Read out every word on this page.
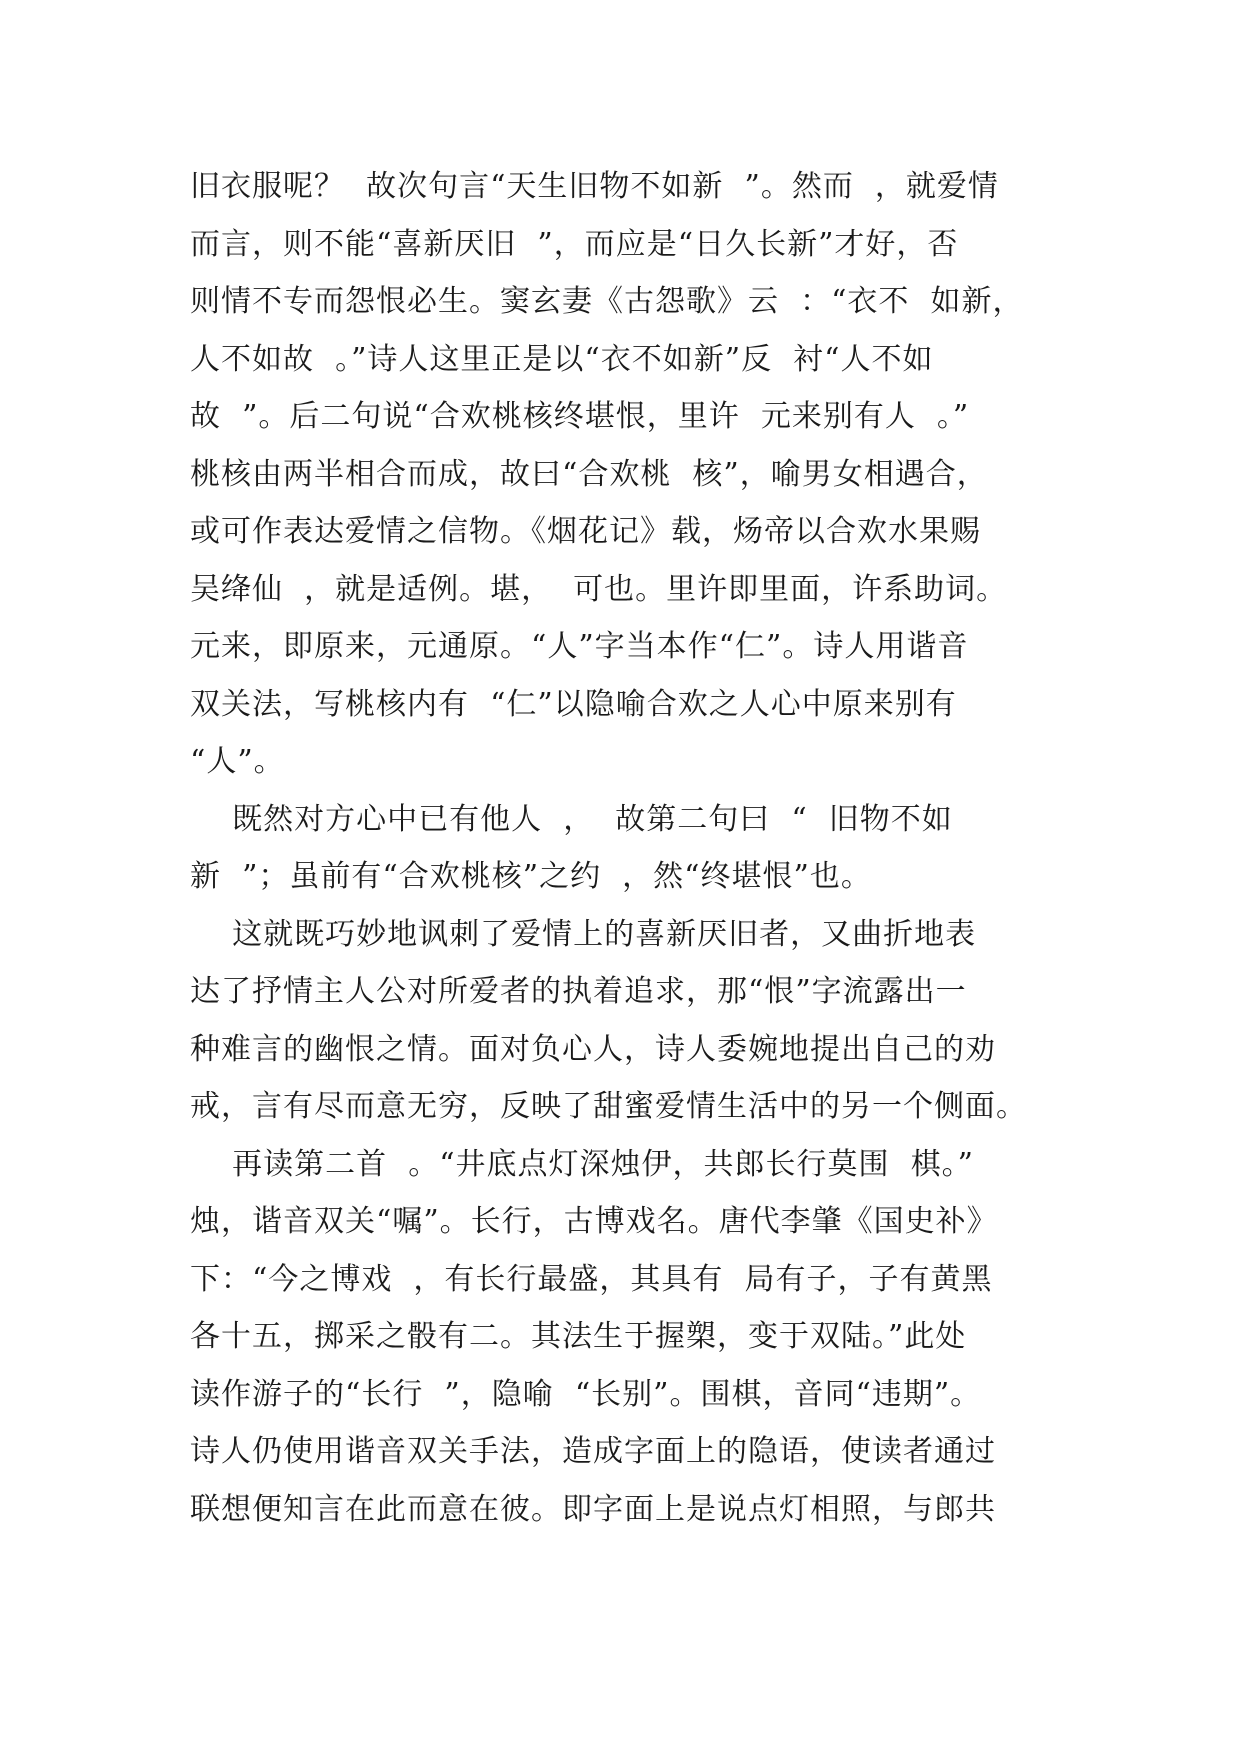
旧衣服呢？  故次句言“天生旧物不如新  ”。然而  ，就爱情
而言，则不能“喜新厌旧  ”，而应是“日久长新”才好，否
则情不专而怨恨必生。窦玄妻《古怨歌》云  ：“衣不  如新，
人不如故  。”诗人这里正是以“衣不如新”反  衬“人不如
故  ”。后二句说“合欢桃核终堪恨，里许  元来别有人  。”
桃核由两半相合而成，故曰“合欢桃  核”，喻男女相遇合，
或可作表达爱情之信物。《烟花记》载，炀帝以合欢水果赐
吴绛仙  ，就是适例。堪，  可也。里许即里面，许系助词。
元来，即原来，元通原。“人”字当本作“仁”。诗人用谐音
双关法，写桃核内有  “仁”以隐喻合欢之人心中原来别有
“人”。
既然对方心中已有他人  ，  故第二句曰  “  旧物不如
新  ”；虽前有“合欢桃核”之约  ，然“终堪恨”也。
这就既巧妙地讽刺了爱情上的喜新厌旧者，又曲折地表
达了抒情主人公对所爱者的执着追求，那“恨”字流露出一
种难言的幽恨之情。面对负心人，诗人委婉地提出自己的劝
戒，言有尽而意无穷，反映了甜蜜爱情生活中的另一个侧面。
再读第二首  。“井底点灯深烛伊，共郎长行莫围  棋。”
烛，谐音双关“嘱”。长行，古博戏名。唐代李肇《国史补》
下：“今之博戏  ，有长行最盛，其具有  局有子，子有黄黑
各十五，掷采之骰有二。其法生于握槊，变于双陆。”此处
读作游子的“长行  ”，隐喻  “长别”。围棋，音同“违期”。
诗人仍使用谐音双关手法，造成字面上的隐语，使读者通过
联想便知言在此而意在彼。即字面上是说点灯相照，与郎共
